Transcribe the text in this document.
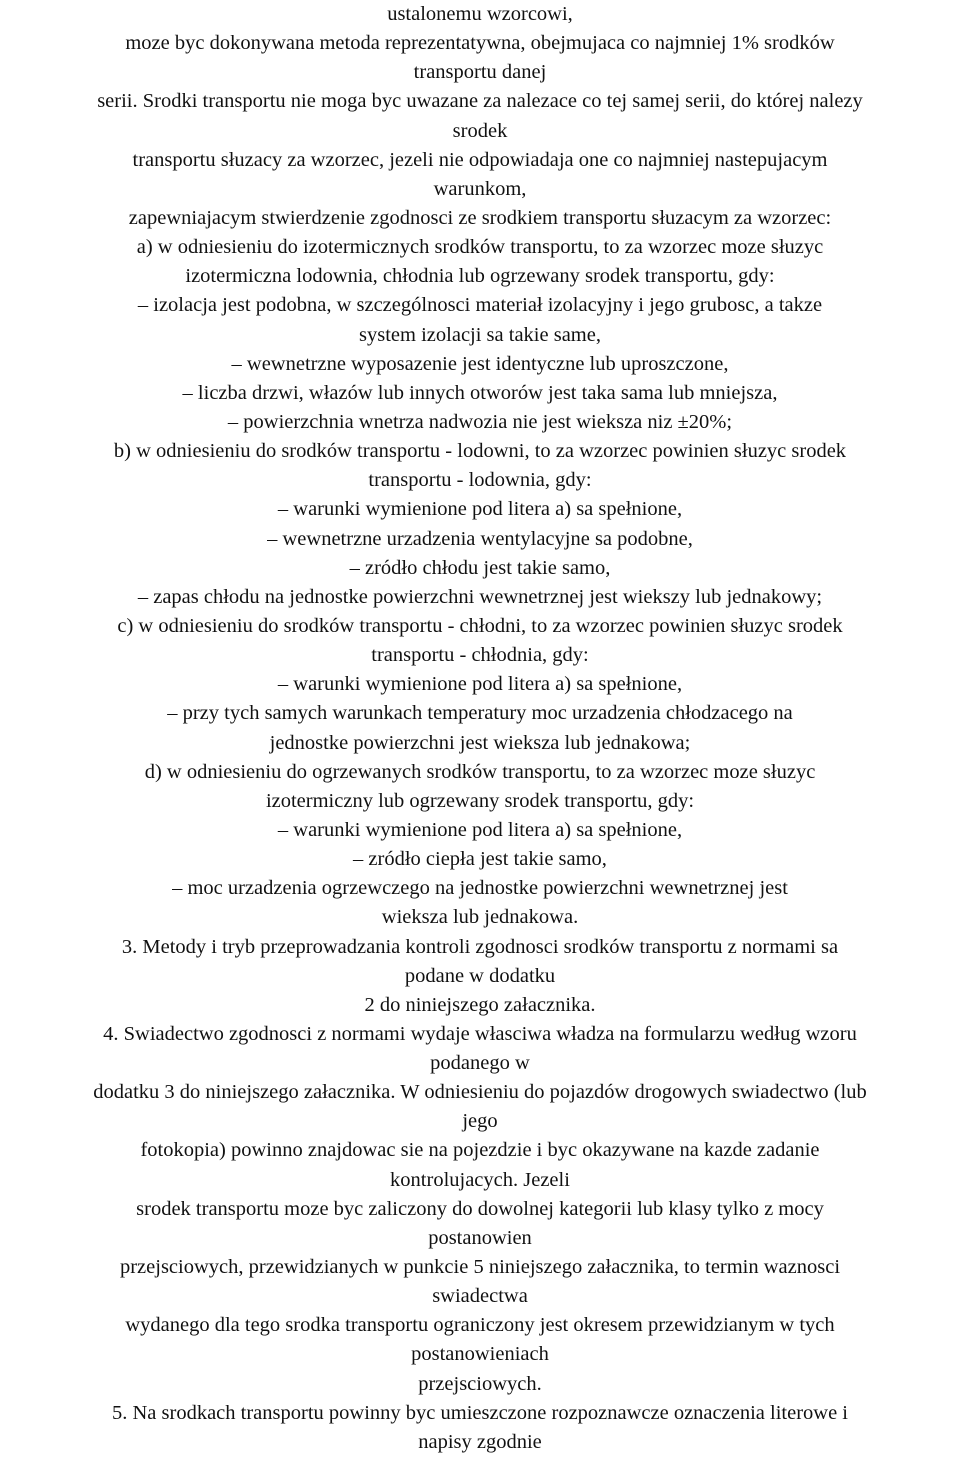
ustalonemu wzorcowi,
moze byc dokonywana metoda reprezentatywna, obejmujaca co najmniej 1% srodków
transportu danej
serii. Srodki transportu nie moga byc uwazane za nalezace co tej samej serii, do której nalezy
srodek
transportu słuzacy za wzorzec, jezeli nie odpowiadaja one co najmniej nastepujacym
warunkom,
zapewniajacym stwierdzenie zgodnosci ze srodkiem transportu słuzacym za wzorzec:
a) w odniesieniu do izotermicznych srodków transportu, to za wzorzec moze słuzyc
izotermiczna lodownia, chłodnia lub ogrzewany srodek transportu, gdy:
– izolacja jest podobna, w szczególnosci materiał izolacyjny i jego grubosc, a takze
system izolacji sa takie same,
– wewnetrzne wyposazenie jest identyczne lub uproszczone,
– liczba drzwi, włazów lub innych otworów jest taka sama lub mniejsza,
– powierzchnia wnetrza nadwozia nie jest wieksza niz ±20%;
b) w odniesieniu do srodków transportu - lodowni, to za wzorzec powinien słuzyc srodek
transportu - lodownia, gdy:
– warunki wymienione pod litera a) sa spełnione,
– wewnetrzne urzadzenia wentylacyjne sa podobne,
– zródło chłodu jest takie samo,
– zapas chłodu na jednostke powierzchni wewnetrznej jest wiekszy lub jednakowy;
c) w odniesieniu do srodków transportu - chłodni, to za wzorzec powinien słuzyc srodek
transportu - chłodnia, gdy:
– warunki wymienione pod litera a) sa spełnione,
– przy tych samych warunkach temperatury moc urzadzenia chłodzacego na
jednostke powierzchni jest wieksza lub jednakowa;
d) w odniesieniu do ogrzewanych srodków transportu, to za wzorzec moze słuzyc
izotermiczny lub ogrzewany srodek transportu, gdy:
– warunki wymienione pod litera a) sa spełnione,
– zródło ciepła jest takie samo,
– moc urzadzenia ogrzewczego na jednostke powierzchni wewnetrznej jest
wieksza lub jednakowa.
3. Metody i tryb przeprowadzania kontroli zgodnosci srodków transportu z normami sa
podane w dodatku
2 do niniejszego załacznika.
4. Swiadectwo zgodnosci z normami wydaje własciwa władza na formularzu według wzoru
podanego w
dodatku 3 do niniejszego załacznika. W odniesieniu do pojazdów drogowych swiadectwo (lub
jego
fotokopia) powinno znajdowac sie na pojezdzie i byc okazywane na kazde zadanie
kontrolujacych. Jezeli
srodek transportu moze byc zaliczony do dowolnej kategorii lub klasy tylko z mocy
postanowien
przejsciowych, przewidzianych w punkcie 5 niniejszego załacznika, to termin waznosci
swiadectwa
wydanego dla tego srodka transportu ograniczony jest okresem przewidzianym w tych
postanowieniach
przejsciowych.
5. Na srodkach transportu powinny byc umieszczone rozpoznawcze oznaczenia literowe i
napisy zgodnie
